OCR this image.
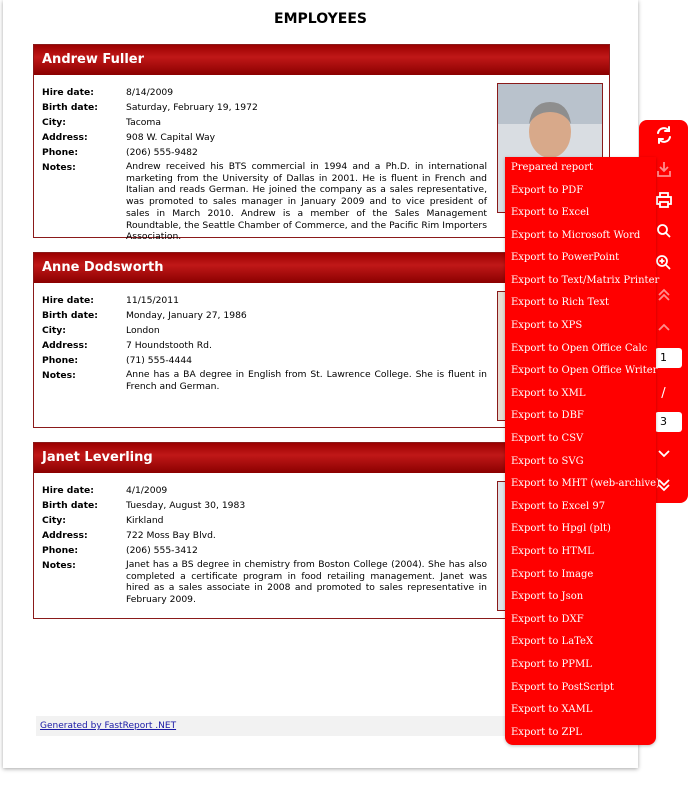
EMPLOYEES
Andrew Fuller
Hire date:	8/14/2009
Birth date:	Saturday, February 19, 1972
City:	Tacoma
Address:	908 W. Capital Way
Phone:	(206) 555-9482
Notes:	Andrew received his BTS commercial in 1994 and a Ph.D. in international marketing from the University of Dallas in 2001. He is fluent in French and Italian and reads German. He joined the company as a sales representative, was promoted to sales manager in January 2009 and to vice president of sales in March 2010. Andrew is a member of the Sales Management Roundtable, the Seattle Chamber of Commerce, and the Pacific Rim Importers Association.
Anne Dodsworth
Hire date:	11/15/2011
Birth date:	Monday, January 27, 1986
City:	London
Address:	7 Houndstooth Rd.
Phone:	(71) 555-4444
Notes:	Anne has a BA degree in English from St. Lawrence College. She is fluent in French and German.
Janet Leverling
Hire date:	4/1/2009
Birth date:	Tuesday, August 30, 1983
City:	Kirkland
Address:	722 Moss Bay Blvd.
Phone:	(206) 555-3412
Notes:	Janet has a BS degree in chemistry from Boston College (2004). She has also completed a certificate program in food retailing management. Janet was hired as a sales associate in 2008 and promoted to sales representative in February 2009.
Generated by FastReport .NET
1
/
3
Prepared report
Export to PDF
Export to Excel
Export to Microsoft Word
Export to PowerPoint
Export to Text/Matrix Printer
Export to Rich Text
Export to XPS
Export to Open Office Calc
Export to Open Office Writer
Export to XML
Export to DBF
Export to CSV
Export to SVG
Export to MHT (web-archive)
Export to Excel 97
Export to Hpgl (plt)
Export to HTML
Export to Image
Export to Json
Export to DXF
Export to LaTeX
Export to PPML
Export to PostScript
Export to XAML
Export to ZPL
